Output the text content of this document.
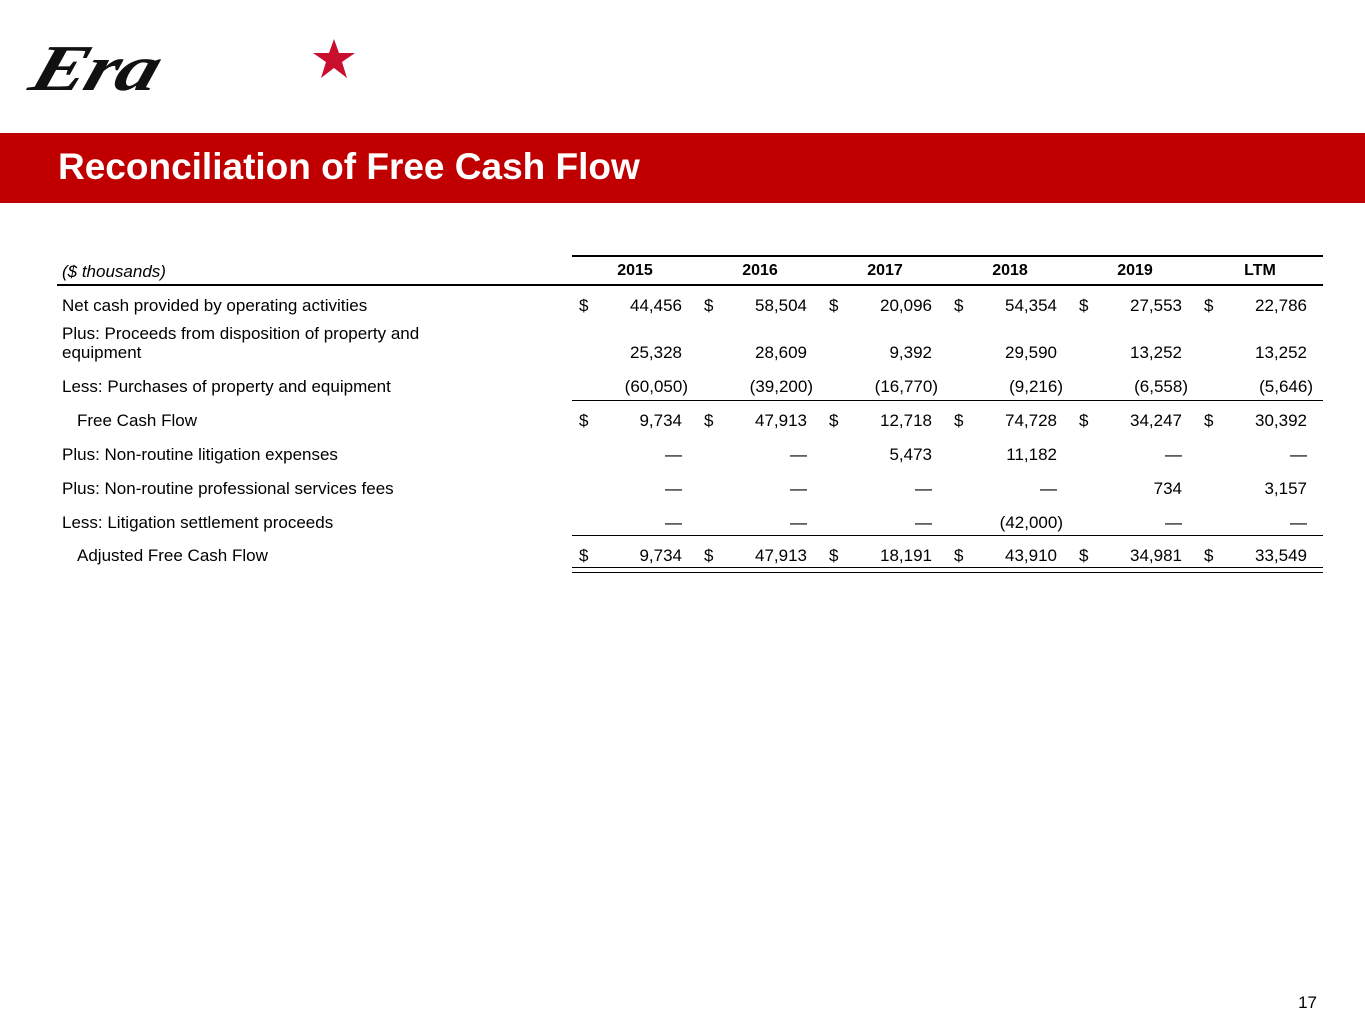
Era
Reconciliation of Free Cash Flow
($ thousands)	2015	2016	2017	2018	2019	LTM
Net cash provided by operating activities	$	44,456 $	58,504 $	20,096 $	54,354 $	27,553 $	22,786
Plus: Proceeds from disposition of property and
equipment	25,328	28,609	9,392	29,590	13,252	13,252
Less: Purchases of property and equipment	(60,050)	(39,200)	(16,770)	(9,216)	(6,558)	(5,646)
Free Cash Flow	$	9,734 $	47,913 $	12,718 $	74,728 $	34,247 $	30,392
Plus: Non-routine litigation expenses	—	—	5,473	11,182	—	—
Plus: Non-routine professional services fees	—	—	—	—	734	3,157
Less: Litigation settlement proceeds	—	—	—	(42,000)	—	—
Adjusted Free Cash Flow	$	9,734 $	47,913 $	18,191 $	43,910 $	34,981 $	33,549
17
